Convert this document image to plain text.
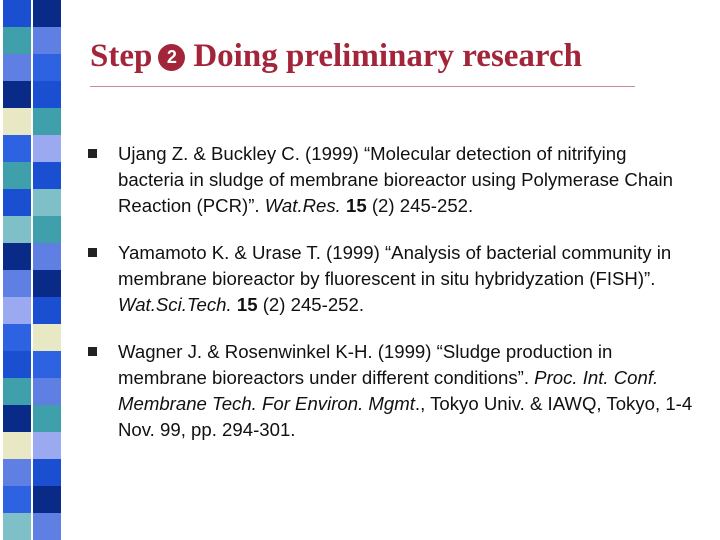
Step 2 Doing preliminary research
Ujang Z. & Buckley C. (1999) “Molecular detection of nitrifying bacteria in sludge of membrane bioreactor using Polymerase Chain Reaction (PCR)”. Wat.Res. 15 (2) 245-252.
Yamamoto K. & Urase T. (1999) “Analysis of bacterial community in membrane bioreactor by fluorescent in situ hybridyzation (FISH)”. Wat.Sci.Tech. 15 (2) 245-252.
Wagner J. & Rosenwinkel K-H. (1999) “Sludge production in membrane bioreactors under different conditions”. Proc. Int. Conf. Membrane Tech. For Environ. Mgmt., Tokyo Univ. & IAWQ, Tokyo, 1-4 Nov. 99, pp. 294-301.
